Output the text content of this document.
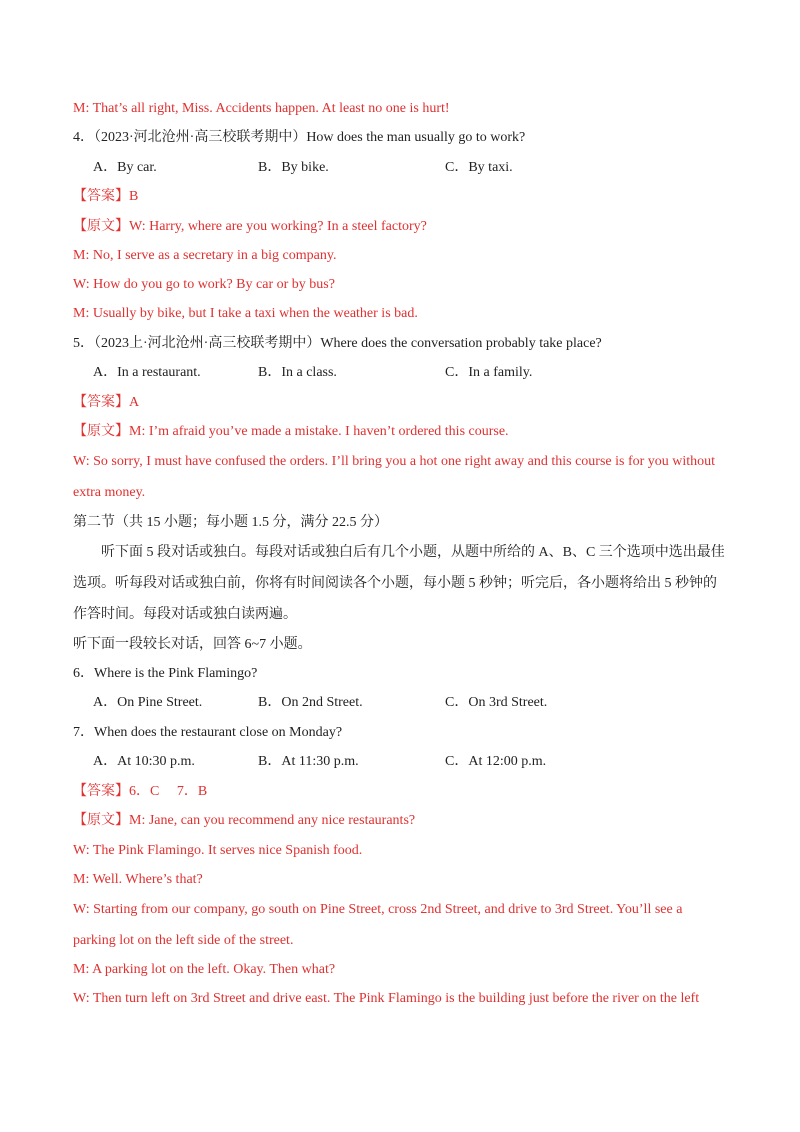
M: That’s all right, Miss. Accidents happen. At least no one is hurt!
4．（2023·河北沧州·高三校联考期中）How does the man usually go to work?
A．By car.	B．By bike.	C．By taxi.
【答案】B
【原文】W: Harry, where are you working? In a steel factory?
M: No, I serve as a secretary in a big company.
W: How do you go to work? By car or by bus?
M: Usually by bike, but I take a taxi when the weather is bad.
5．（2023上·河北沧州·高三校联考期中）Where does the conversation probably take place?
A．In a restaurant.	B．In a class.	C．In a family.
【答案】A
【原文】M: I’m afraid you’ve made a mistake. I haven’t ordered this course.
W: So sorry, I must have confused the orders. I’ll bring you a hot one right away and this course is for you without
extra money.
第二节（共 15 小题；每小题 1.5 分，满分 22.5 分）
听下面 5 段对话或独白。每段对话或独白后有几个小题，从题中所给的 A、B、C 三个选项中选出最佳
选项。听每段对话或独白前，你将有时间阅读各个小题，每小题 5 秒钟；听完后，各小题将给出 5 秒钟的
作答时间。每段对话或独白读两遍。
听下面一段较长对话，回答 6~7 小题。
6．Where is the Pink Flamingo?
A．On Pine Street.	B．On 2nd Street.	C．On 3rd Street.
7．When does the restaurant close on Monday?
A．At 10:30 p.m.	B．At 11:30 p.m.	C．At 12:00 p.m.
【答案】6．C     7．B
【原文】M: Jane, can you recommend any nice restaurants?
W: The Pink Flamingo. It serves nice Spanish food.
M: Well. Where’s that?
W: Starting from our company, go south on Pine Street, cross 2nd Street, and drive to 3rd Street. You’ll see a
parking lot on the left side of the street.
M: A parking lot on the left. Okay. Then what?
W: Then turn left on 3rd Street and drive east. The Pink Flamingo is the building just before the river on the left
